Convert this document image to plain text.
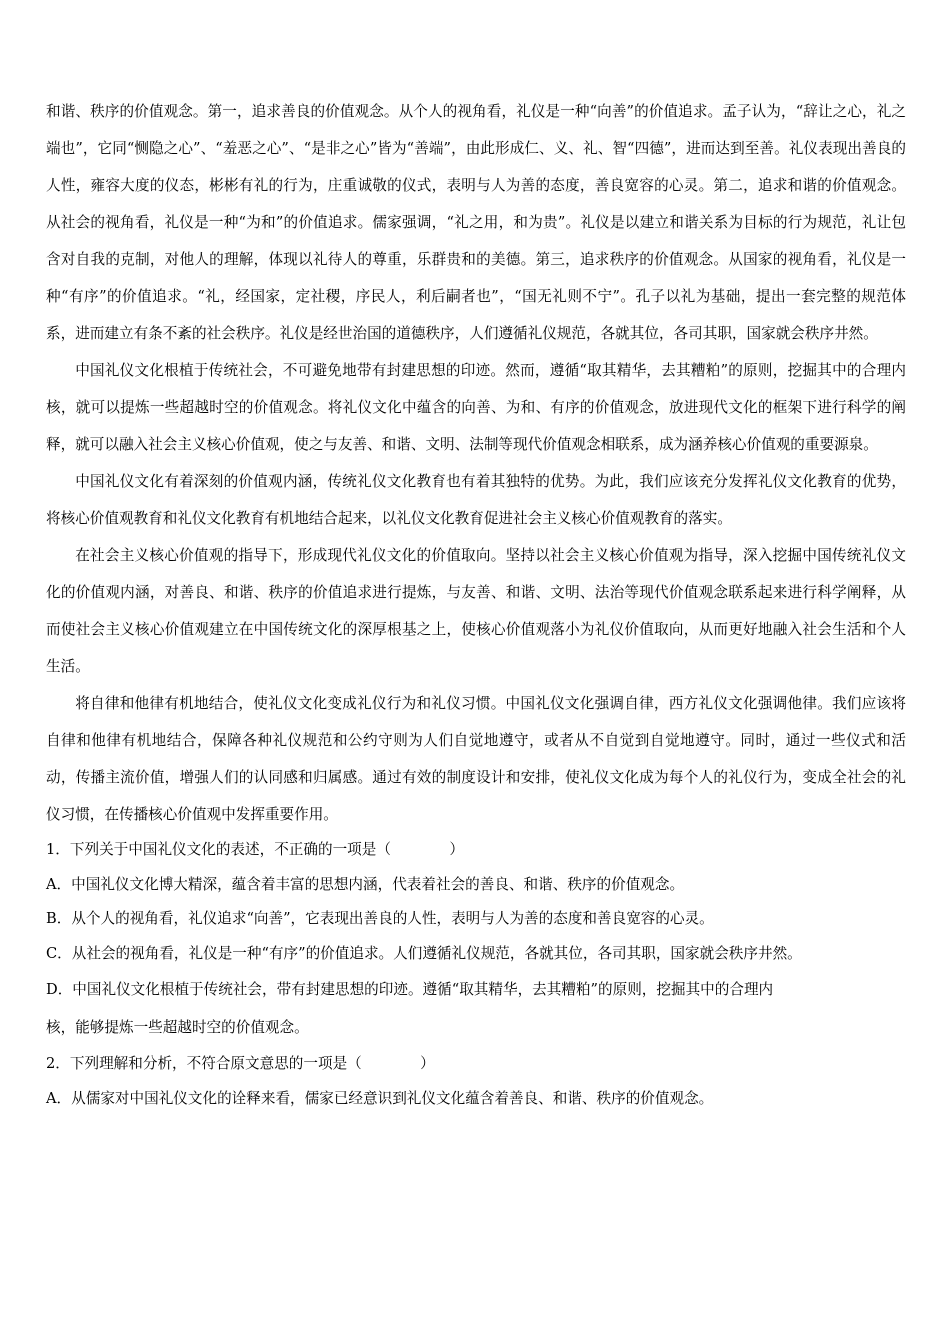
和谐、秩序的价值观念。第一，追求善良的价值观念。从个人的视角看，礼仪是一种“向善”的价值追求。孟子认为，“辞让之心，礼之端也”，它同“恻隐之心”、“羞恶之心”、“是非之心”皆为“善端”，由此形成仁、义、礼、智“四德”，进而达到至善。礼仪表现出善良的人性，雍容大度的仪态，彬彬有礼的行为，庄重诚敬的仪式，表明与人为善的态度，善良宽容的心灵。第二，追求和谐的价值观念。从社会的视角看，礼仪是一种“为和”的价值追求。儒家强调，“礼之用，和为贵”。礼仪是以建立和谐关系为目标的行为规范，礼让包含对自我的克制，对他人的理解，体现以礼待人的尊重，乐群贵和的美德。第三，追求秩序的价值观念。从国家的视角看，礼仪是一种“有序”的价值追求。“礼，经国家，定社稷，序民人，利后嗣者也”，“国无礼则不宁”。孔子以礼为基础，提出一套完整的规范体系，进而建立有条不紊的社会秩序。礼仪是经世治国的道德秩序，人们遵循礼仪规范，各就其位，各司其职，国家就会秩序井然。

中国礼仪文化根植于传统社会，不可避免地带有封建思想的印迹。然而，遵循“取其精华，去其糟粕”的原则，挖掘其中的合理内核，就可以提炼一些超越时空的价值观念。将礼仪文化中蕴含的向善、为和、有序的价值观念，放进现代文化的框架下进行科学的阐释，就可以融入社会主义核心价值观，使之与友善、和谐、文明、法制等现代价值观念相联系，成为涵养核心价值观的重要源泉。

中国礼仪文化有着深刻的价值观内涵，传统礼仪文化教育也有着其独特的优势。为此，我们应该充分发挥礼仪文化教育的优势，将核心价值观教育和礼仪文化教育有机地结合起来，以礼仪文化教育促进社会主义核心价值观教育的落实。

在社会主义核心价值观的指导下，形成现代礼仪文化的价值取向。坚持以社会主义核心价值观为指导，深入挖掘中国传统礼仪文化的价值观内涵，对善良、和谐、秩序的价值追求进行提炼，与友善、和谐、文明、法治等现代价值观念联系起来进行科学阐释，从而使社会主义核心价值观建立在中国传统文化的深厚根基之上，使核心价值观落小为礼仪价值取向，从而更好地融入社会生活和个人生活。

将自律和他律有机地结合，使礼仪文化变成礼仪行为和礼仪习惯。中国礼仪文化强调自律，西方礼仪文化强调他律。我们应该将自律和他律有机地结合，保障各种礼仪规范和公约守则为人们自觉地遵守，或者从不自觉到自觉地遵守。同时，通过一些仪式和活动，传播主流价值，增强人们的认同感和归属感。通过有效的制度设计和安排，使礼仪文化成为每个人的礼仪行为，变成全社会的礼仪习惯，在传播核心价值观中发挥重要作用。

1．下列关于中国礼仪文化的表述，不正确的一项是（　　　　）

A．中国礼仪文化博大精深，蕴含着丰富的思想内涵，代表着社会的善良、和谐、秩序的价值观念。

B．从个人的视角看，礼仪追求“向善”，它表现出善良的人性，表明与人为善的态度和善良宽容的心灵。

C．从社会的视角看，礼仪是一种“有序”的价值追求。人们遵循礼仪规范，各就其位，各司其职，国家就会秩序井然。

D．中国礼仪文化根植于传统社会，带有封建思想的印迹。遵循“取其精华，去其糟粕”的原则，挖掘其中的合理内
核，能够提炼一些超越时空的价值观念。

2．下列理解和分析，不符合原文意思的一项是（　　　　）

A．从儒家对中国礼仪文化的诠释来看，儒家已经意识到礼仪文化蕴含着善良、和谐、秩序的价值观念。
